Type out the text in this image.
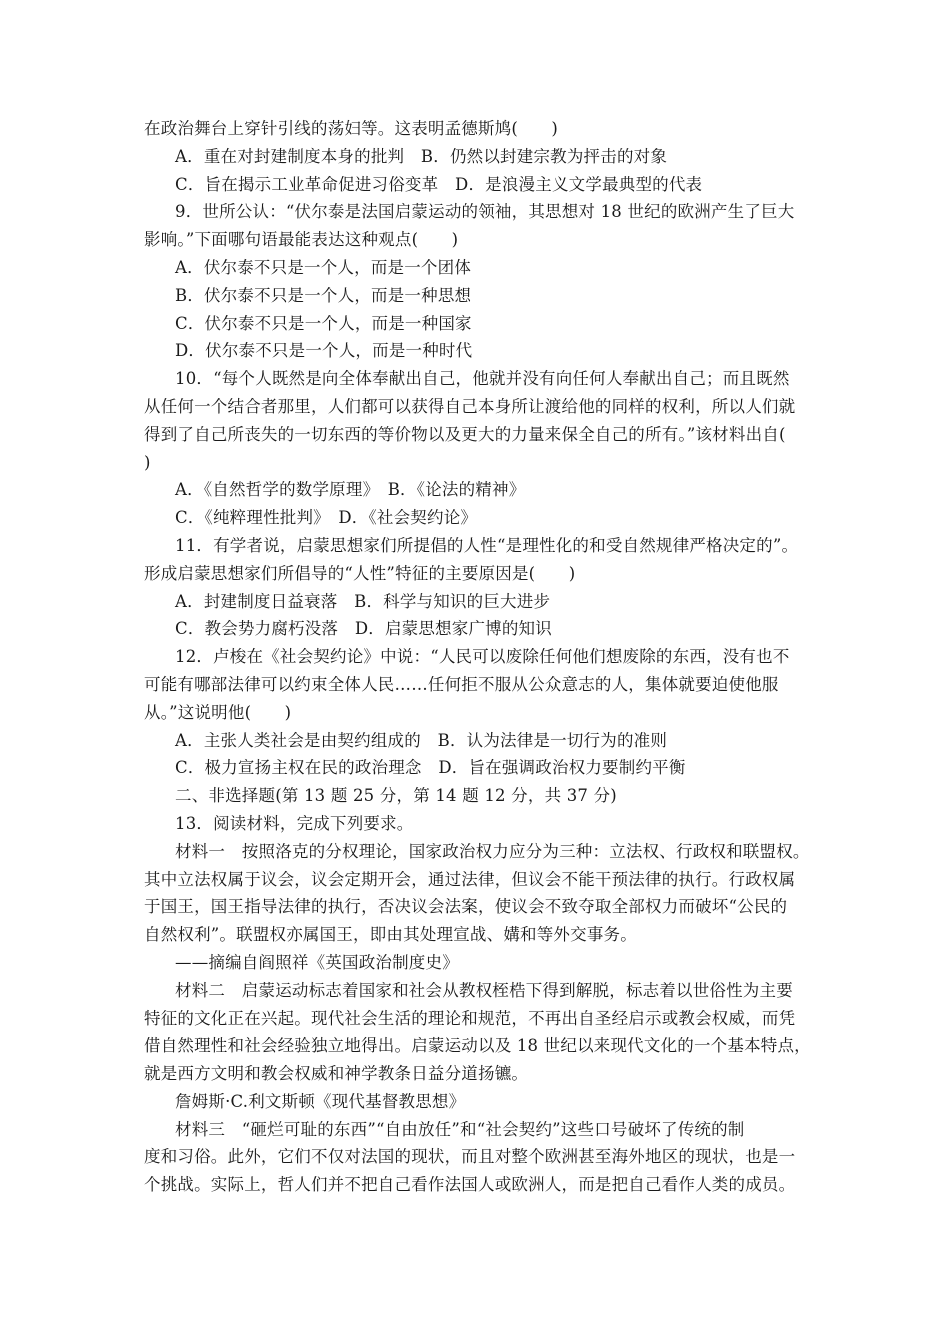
在政治舞台上穿针引线的荡妇等。这表明孟德斯鸠(　　)
A．重在对封建制度本身的批判　B．仍然以封建宗教为抨击的对象
C．旨在揭示工业革命促进习俗变革　D．是浪漫主义文学最典型的代表
9．世所公认：“伏尔泰是法国启蒙运动的领袖，其思想对 18 世纪的欧洲产生了巨大
影响。”下面哪句语最能表达这种观点(　　)
A．伏尔泰不只是一个人，而是一个团体
B．伏尔泰不只是一个人，而是一种思想
C．伏尔泰不只是一个人，而是一种国家
D．伏尔泰不只是一个人，而是一种时代
10．“每个人既然是向全体奉献出自己，他就并没有向任何人奉献出自己；而且既然
从任何一个结合者那里，人们都可以获得自己本身所让渡给他的同样的权利，所以人们就
得到了自己所丧失的一切东西的等价物以及更大的力量来保全自己的所有。”该材料出自(
)
A．《自然哲学的数学原理》　B．《论法的精神》
C．《纯粹理性批判》　D．《社会契约论》
11．有学者说，启蒙思想家们所提倡的人性“是理性化的和受自然规律严格决定的”。
形成启蒙思想家们所倡导的“人性”特征的主要原因是(　　)
A．封建制度日益衰落　B．科学与知识的巨大进步
C．教会势力腐朽没落　D．启蒙思想家广博的知识
12．卢梭在《社会契约论》中说：“人民可以废除任何他们想废除的东西，没有也不
可能有哪部法律可以约束全体人民……任何拒不服从公众意志的人，集体就要迫使他服
从。”这说明他(　　)
A．主张人类社会是由契约组成的　B．认为法律是一切行为的准则
C．极力宣扬主权在民的政治理念　D．旨在强调政治权力要制约平衡
二、非选择题(第 13 题 25 分，第 14 题 12 分，共 37 分)
13．阅读材料，完成下列要求。
材料一　按照洛克的分权理论，国家政治权力应分为三种：立法权、行政权和联盟权。
其中立法权属于议会，议会定期开会，通过法律，但议会不能干预法律的执行。行政权属
于国王，国王指导法律的执行，否决议会法案，使议会不致夺取全部权力而破坏“公民的
自然权利”。联盟权亦属国王，即由其处理宣战、媾和等外交事务。
——摘编自阎照祥《英国政治制度史》
材料二　启蒙运动标志着国家和社会从教权桎梏下得到解脱，标志着以世俗性为主要
特征的文化正在兴起。现代社会生活的理论和规范，不再出自圣经启示或教会权威，而凭
借自然理性和社会经验独立地得出。启蒙运动以及 18 世纪以来现代文化的一个基本特点，
就是西方文明和教会权威和神学教条日益分道扬镳。
詹姆斯·C.利文斯顿《现代基督教思想》
材料三　“砸烂可耻的东西”“自由放任”和“社会契约”这些口号破坏了传统的制
度和习俗。此外，它们不仅对法国的现状，而且对整个欧洲甚至海外地区的现状，也是一
个挑战。实际上，哲人们并不把自己看作法国人或欧洲人，而是把自己看作人类的成员。
